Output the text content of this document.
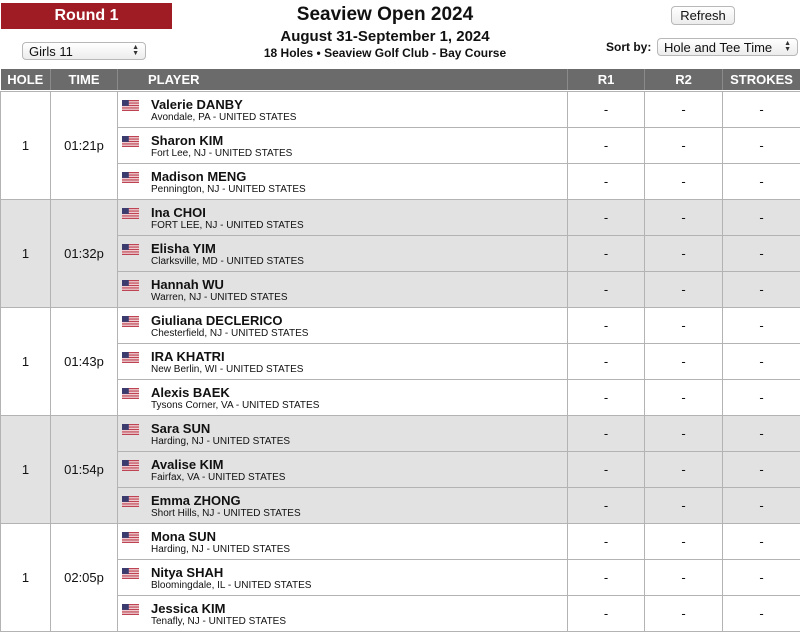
Round 1
Girls 11	▲
▼
Seaview Open 2024
August 31-September 1, 2024
18 Holes • Seaview Golf Club - Bay Course
Refresh
Sort by: Hole and Tee Time	▲
▼
HOLE	TIME	PLAYER	R1	R2	STROKES

1	01:21p	Valerie DANBY
Avondale, PA - UNITED STATES	-	-	-

		Sharon KIM
Fort Lee, NJ - UNITED STATES	-	-	-

		Madison MENG
Pennington, NJ - UNITED STATES	-	-	-
1	01:32p	Ina CHOI
FORT LEE, NJ - UNITED STATES	-	-	-

		Elisha YIM
Clarksville, MD - UNITED STATES	-	-	-

		Hannah WU
Warren, NJ - UNITED STATES	-	-	-
1	01:43p	Giuliana DECLERICO
Chesterfield, NJ - UNITED STATES	-	-	-

		IRA KHATRI
New Berlin, WI - UNITED STATES	-	-	-

		Alexis BAEK
Tysons Corner, VA - UNITED STATES	-	-	-
1	01:54p	Sara SUN
Harding, NJ - UNITED STATES	-	-	-

		Avalise KIM
Fairfax, VA - UNITED STATES	-	-	-

		Emma ZHONG
Short Hills, NJ - UNITED STATES	-	-	-
1	02:05p	Mona SUN
Harding, NJ - UNITED STATES	-	-	-

		Nitya SHAH
Bloomingdale, IL - UNITED STATES	-	-	-

		Jessica KIM
Tenafly, NJ - UNITED STATES	-	-	-
